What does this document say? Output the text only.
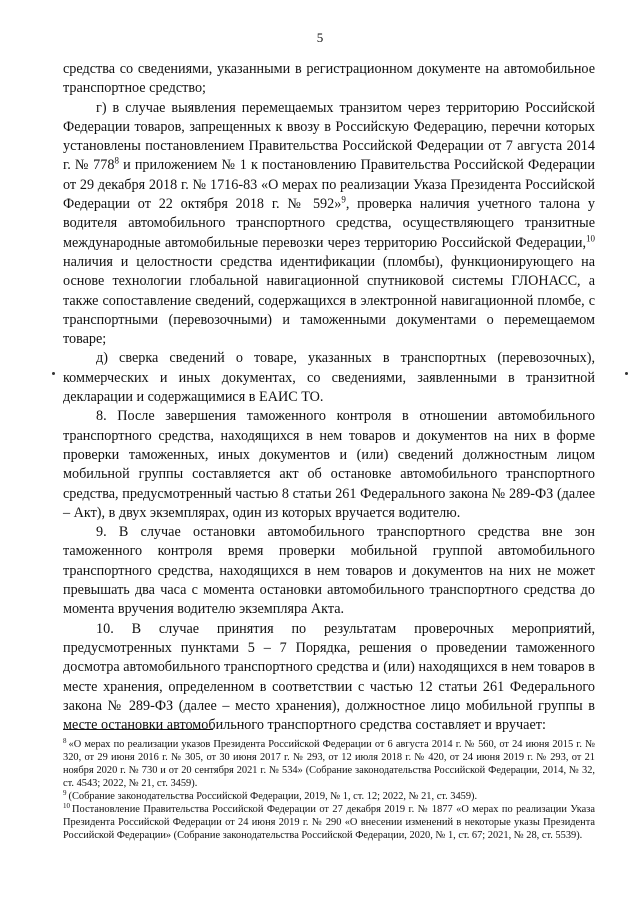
5

средства со сведениями, указанными в регистрационном документе на автомобильное транспортное средство;

г) в случае выявления перемещаемых транзитом через территорию Российской Федерации товаров, запрещенных к ввозу в Российскую Федерацию, перечни которых установлены постановлением Правительства Российской Федерации от 7 августа 2014 г. № $778^8$ и приложением № 1 к постановлению Правительства Российской Федерации от 29 декабря 2018 г. № 1716-83 «О мерах по реализации Указа Президента Российской Федерации от 22 октября 2018 г. № 592»$^9$, проверка наличия учетного талона у водителя автомобильного транспортного средства, осуществляющего транзитные международные автомобильные перевозки через территорию Российской Федерации,$^{10}$ наличия и целостности средства идентификации (пломбы), функционирующего на основе технологии глобальной навигационной спутниковой системы ГЛОНАСС, а также сопоставление сведений, содержащихся в электронной навигационной пломбе, с транспортными (перевозочными) и таможенными документами о перемещаемом товаре;

д) сверка сведений о товаре, указанных в транспортных (перевозочных), коммерческих и иных документах, со сведениями, заявленными в транзитной декларации и содержащимися в ЕАИС ТО.

8. После завершения таможенного контроля в отношении автомобильного транспортного средства, находящихся в нем товаров и документов на них в форме проверки таможенных, иных документов и (или) сведений должностным лицом мобильной группы составляется акт об остановке автомобильного транспортного средства, предусмотренный частью 8 статьи 261 Федерального закона № 289-ФЗ (далее – Акт), в двух экземплярах, один из которых вручается водителю.

9. В случае остановки автомобильного транспортного средства вне зон таможенного контроля время проверки мобильной группой автомобильного транспортного средства, находящихся в нем товаров и документов на них не может превышать два часа с момента остановки автомобильного транспортного средства до момента вручения водителю экземпляра Акта.

10. В случае принятия по результатам проверочных мероприятий, предусмотренных пунктами 5 – 7 Порядка, решения о проведении таможенного досмотра автомобильного транспортного средства и (или) находящихся в нем товаров в месте хранения, определенном в соответствии с частью 12 статьи 261 Федерального закона № 289-ФЗ (далее – место хранения), должностное лицо мобильной группы в месте остановки автомобильного транспортного средства составляет и вручает:

$^8$ «О мерах по реализации указов Президента Российской Федерации от 6 августа 2014 г. № 560, от 24 июня 2015 г. № 320, от 29 июня 2016 г. № 305, от 30 июня 2017 г. № 293, от 12 июля 2018 г. № 420, от 24 июня 2019 г. № 293, от 21 ноября 2020 г. № 730 и от 20 сентября 2021 г. № 534» (Собрание законодательства Российской Федерации, 2014, № 32, ст. 4543; 2022, № 21, ст. 3459).

$^9$ (Собрание законодательства Российской Федерации, 2019, № 1, ст. 12; 2022, № 21, ст. 3459).

$^{10}$ Постановление Правительства Российской Федерации от 27 декабря 2019 г. № 1877 «О мерах по реализации Указа Президента Российской Федерации от 24 июня 2019 г. № 290 «О внесении изменений в некоторые указы Президента Российской Федерации» (Собрание законодательства Российской Федерации, 2020, № 1, ст. 67; 2021, № 28, ст. 5539).
